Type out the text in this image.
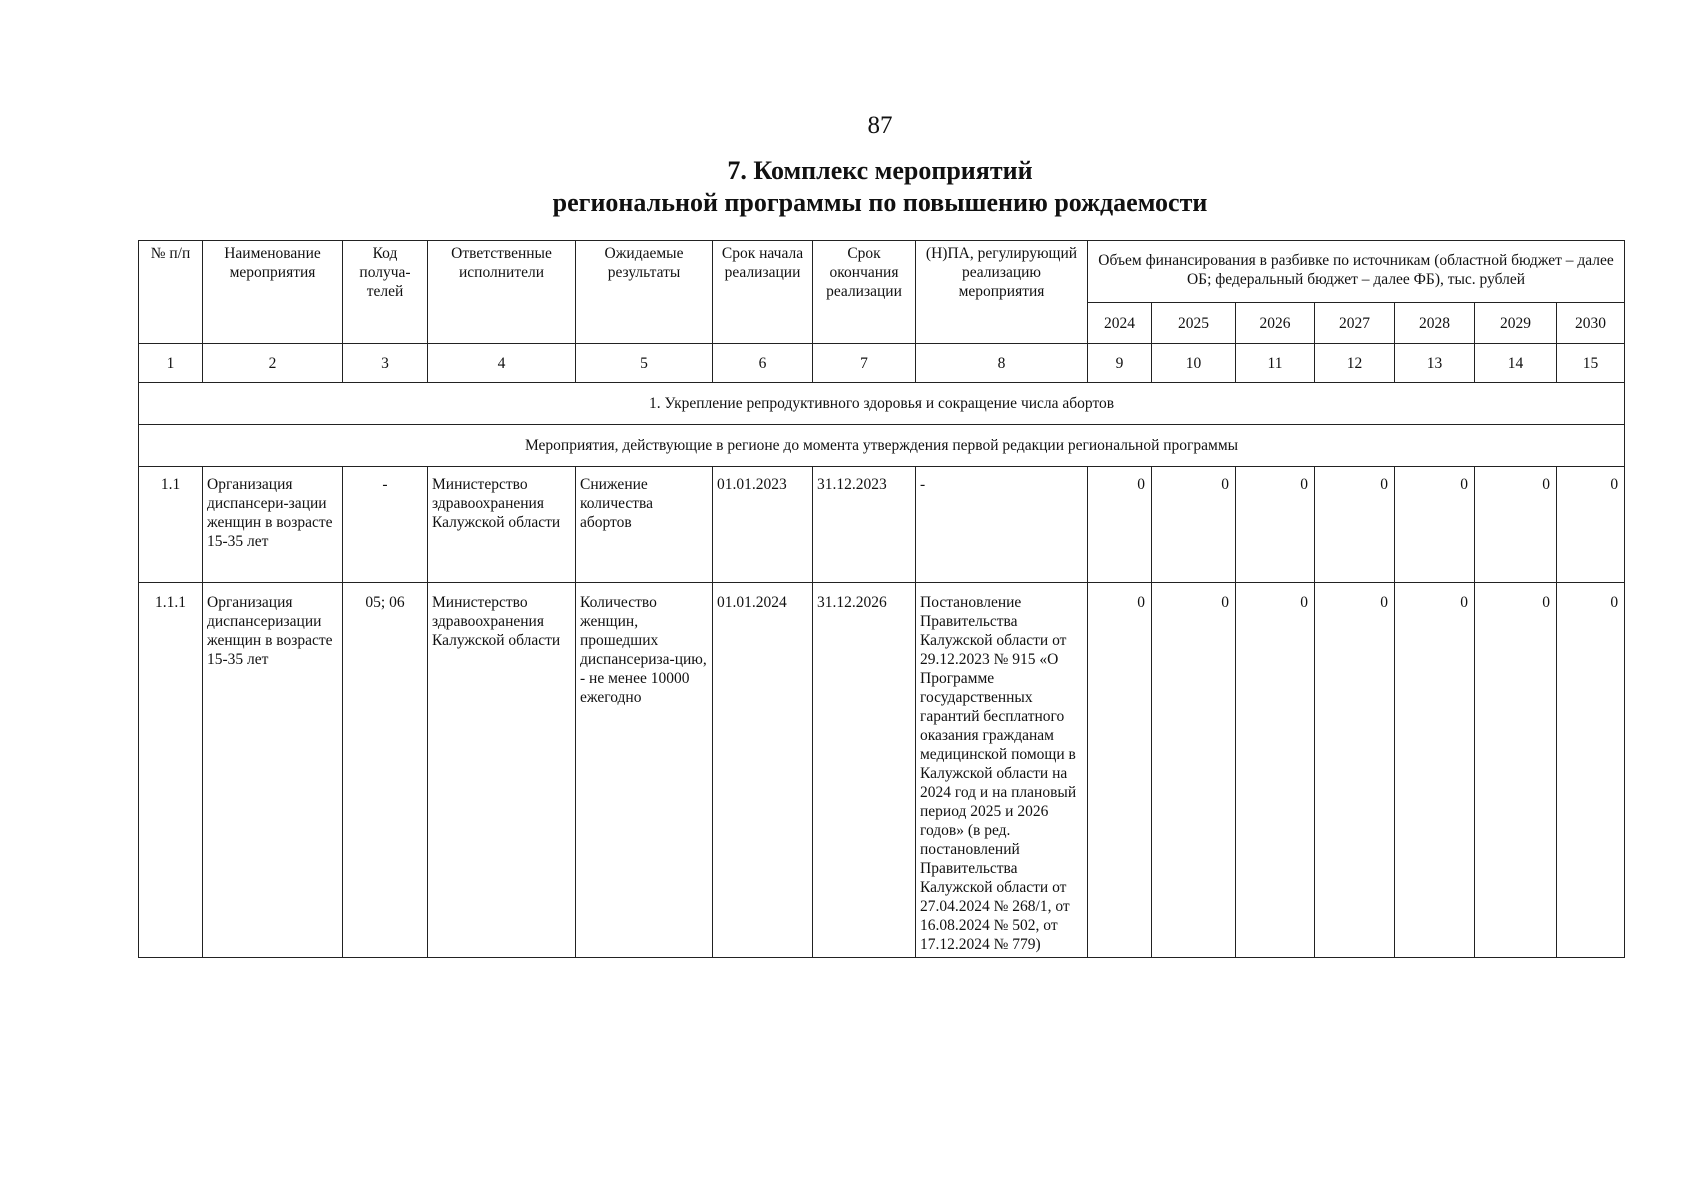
87
7. Комплекс мероприятий
региональной программы по повышению рождаемости
№ п/п	Наименование мероприятия	Код получа-телей	Ответственные исполнители	Ожидаемые результаты	Срок начала реализации	Срок окончания реализации	(Н)ПА, регулирующий реализацию мероприятия	Объем финансирования в разбивке по источникам (областной бюджет – далее ОБ; федеральный бюджет – далее ФБ), тыс. рублей						
								2024	2025	2026	2027	2028	2029	2030
1	2	3	4	5	6	7	8	9	10	11	12	13	14	15
1. Укрепление репродуктивного здоровья и сокращение числа абортов														
Мероприятия, действующие в регионе до момента утверждения первой редакции региональной программы														
1.1	Организация диспансери-зации женщин в возрасте 15-35 лет	-	Министерство здравоохранения Калужской области	Снижение количества абортов	01.01.2023	31.12.2023	-	0	0	0	0	0	0	0
1.1.1	Организация диспансеризации женщин в возрасте 15-35 лет	05; 06	Министерство здравоохранения Калужской области	Количество женщин, прошедших диспансериза-цию, - не менее 10000 ежегодно	01.01.2024	31.12.2026	Постановление Правительства Калужской области от 29.12.2023 № 915 «О Программе государственных гарантий бесплатного оказания гражданам медицинской помощи в Калужской области на 2024 год и на плановый период 2025 и 2026 годов» (в ред. постановлений Правительства Калужской области от 27.04.2024 № 268/1, от 16.08.2024 № 502, от 17.12.2024 № 779)	0	0	0	0	0	0	0
